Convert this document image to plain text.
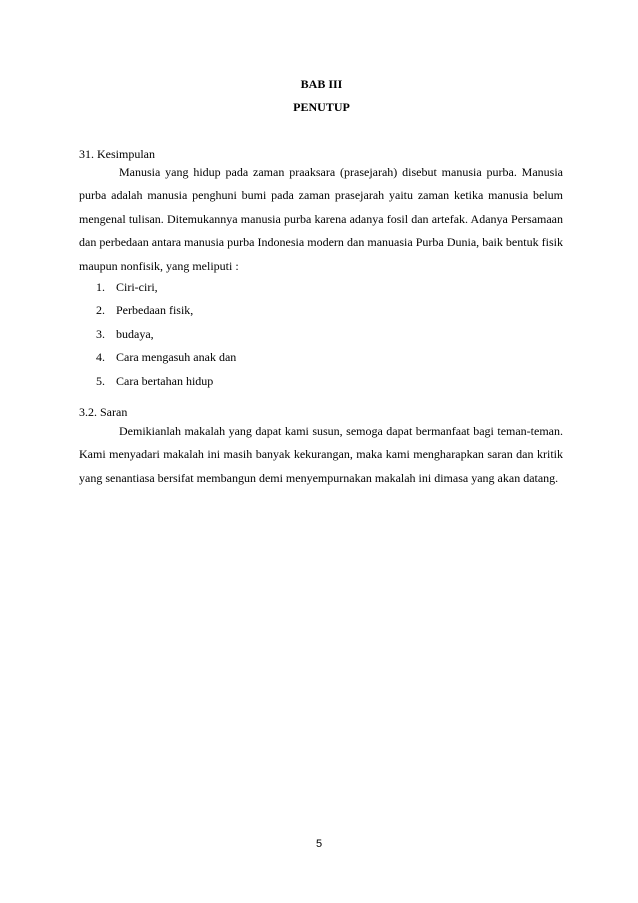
BAB III
PENUTUP
31. Kesimpulan

Manusia yang hidup pada zaman praaksara (prasejarah) disebut manusia purba. Manusia purba adalah manusia penghuni bumi pada zaman prasejarah yaitu zaman ketika manusia belum mengenal tulisan. Ditemukannya manusia purba karena adanya fosil dan artefak. Adanya Persamaan dan perbedaan antara manusia purba Indonesia modern dan manuasia Purba Dunia, baik bentuk fisik maupun nonfisik, yang meliputi :

1. Ciri-ciri,
2. Perbedaan fisik,
3. budaya,
4. Cara mengasuh anak dan
5. Cara bertahan hidup
3.2. Saran

Demikianlah makalah yang dapat kami susun, semoga dapat bermanfaat bagi teman-teman. Kami menyadari makalah ini masih banyak kekurangan, maka kami mengharapkan saran dan kritik yang senantiasa bersifat membangun demi menyempurnakan makalah ini dimasa yang akan datang.

5
